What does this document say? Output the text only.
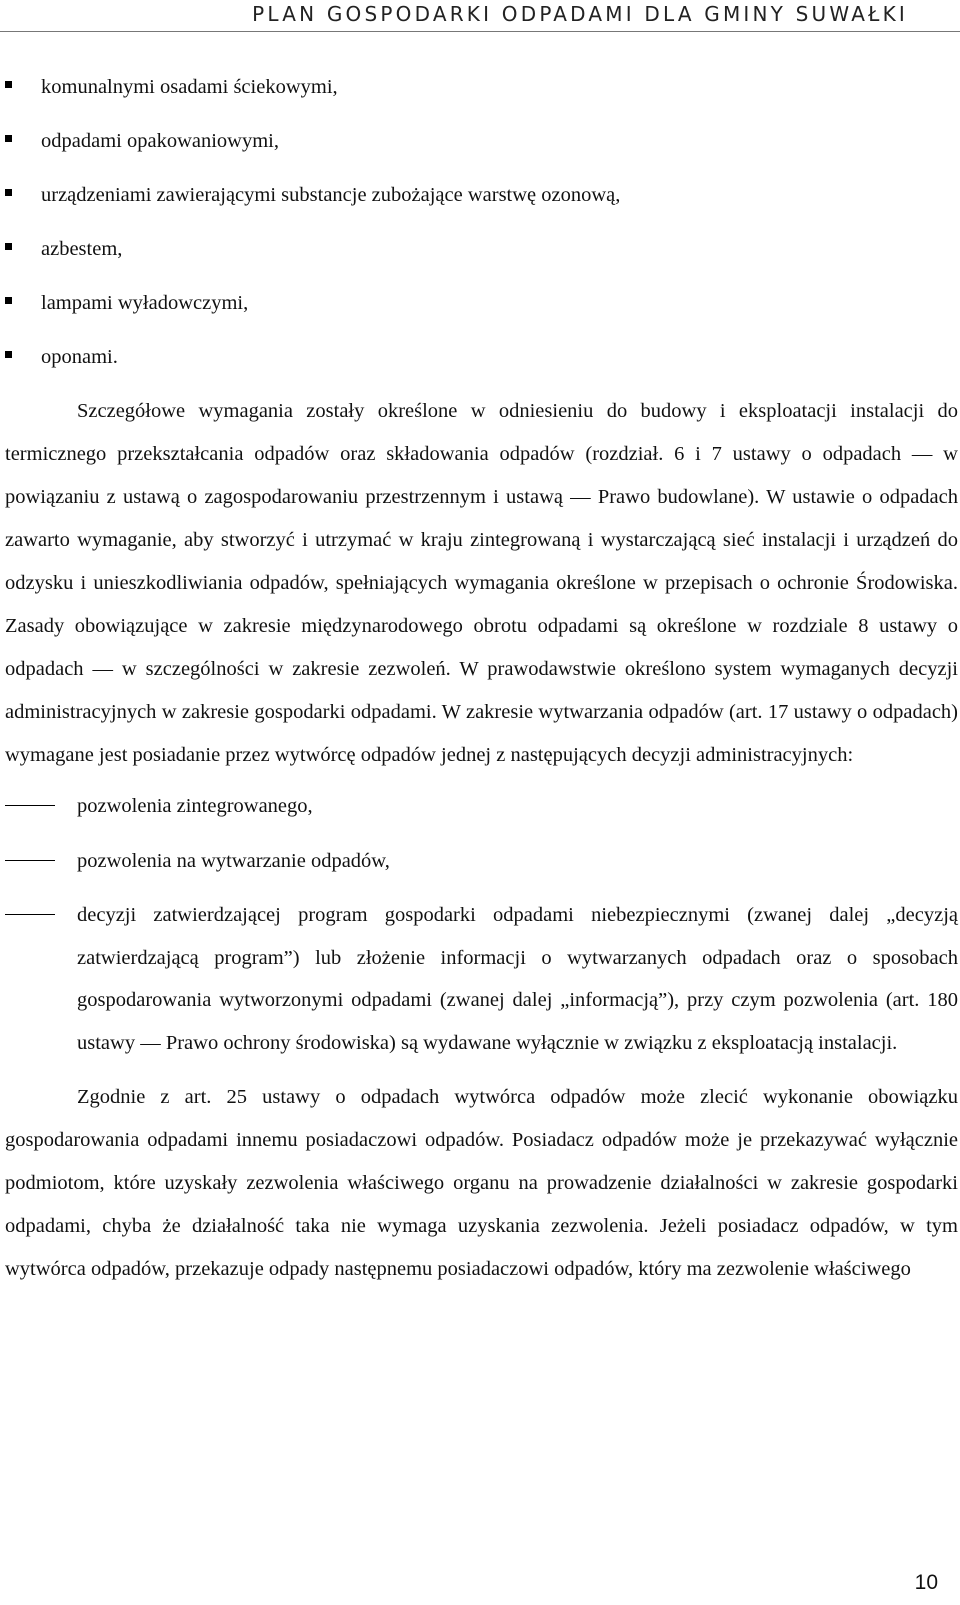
PLAN GOSPODARKI ODPADAMI DLA GMINY SUWAŁKI
komunalnymi osadami ściekowymi,
odpadami opakowaniowymi,
urządzeniami zawierającymi substancje zubożające warstwę ozonową,
azbestem,
lampami wyładowczymi,
oponami.

Szczegółowe wymagania zostały określone w odniesieniu do budowy i eksploatacji instalacji do termicznego przekształcania odpadów oraz składowania odpadów (rozdział. 6 i 7 ustawy o odpadach — w powiązaniu z ustawą o zagospodarowaniu przestrzennym i ustawą — Prawo budowlane). W ustawie o odpadach zawarto wymaganie, aby stworzyć i utrzymać w kraju zintegrowaną i wystarczającą sieć instalacji i urządzeń do odzysku i unieszkodliwiania odpadów, spełniających wymagania określone w przepisach o ochronie Środowiska. Zasady obowiązujące w zakresie międzynarodowego obrotu odpadami są określone w rozdziale 8 ustawy o odpadach — w szczególności w zakresie zezwoleń. W prawodawstwie określono system wymaganych decyzji administracyjnych w zakresie gospodarki odpadami. W zakresie wytwarzania odpadów (art. 17 ustawy o odpadach) wymagane jest posiadanie przez wytwórcę odpadów jednej z następujących decyzji administracyjnych:

pozwolenia zintegrowanego,
pozwolenia na wytwarzanie odpadów,
decyzji zatwierdzającej program gospodarki odpadami niebezpiecznymi (zwanej dalej „decyzją zatwierdzającą program”) lub złożenie informacji o wytwarzanych odpadach oraz o sposobach gospodarowania wytworzonymi odpadami (zwanej dalej „informacją”), przy czym pozwolenia (art. 180 ustawy — Prawo ochrony środowiska) są wydawane wyłącznie w związku z eksploatacją instalacji.

Zgodnie z art. 25 ustawy o odpadach wytwórca odpadów może zlecić wykonanie obowiązku gospodarowania odpadami innemu posiadaczowi odpadów. Posiadacz odpadów może je przekazywać wyłącznie podmiotom, które uzyskały zezwolenia właściwego organu na prowadzenie działalności w zakresie gospodarki odpadami, chyba że działalność taka nie wymaga uzyskania zezwolenia. Jeżeli posiadacz odpadów, w tym wytwórca odpadów, przekazuje odpady następnemu posiadaczowi odpadów, który ma zezwolenie właściwego

10
